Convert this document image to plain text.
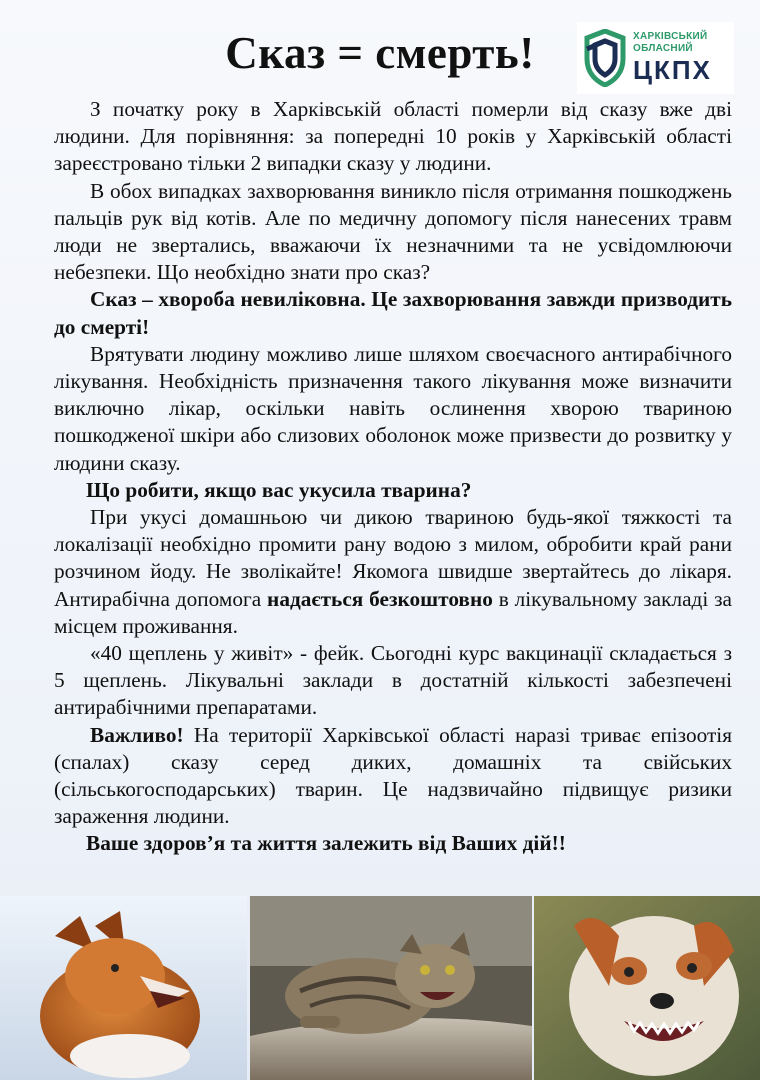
Сказ = смерть!	ХАРКІВСЬКИЙ
ОБЛАСНИЙ
ЦКПХ

З початку року в Харківській області померли від сказу вже дві людини. Для порівняння: за попередні 10 років у Харківській області зареєстровано тільки 2 випадки сказу у людини.

В обох випадках захворювання виникло після отримання пошкоджень пальців рук від котів. Але по медичну допомогу після нанесених травм люди не звертались, вважаючи їх незначними та не усвідомлюючи небезпеки. Що необхідно знати про сказ?

Сказ – хвороба невиліковна. Це захворювання завжди призводить до смерті!

Врятувати людину можливо лише шляхом своєчасного антирабічного лікування. Необхідність призначення такого лікування може визначити виключно лікар, оскільки навіть ослинення хворою твариною пошкодженої шкіри або слизових оболонок може призвести до розвитку у людини сказу.

Що робити, якщо вас укусила тварина?

При укусі домашньою чи дикою твариною будь-якої тяжкості та локалізації необхідно промити рану водою з милом, обробити край рани розчином йоду. Не зволікайте! Якомога швидше звертайтесь до лікаря. Антирабічна допомога надається безкоштовно в лікувальному закладі за місцем проживання.

«40 щеплень у живіт» - фейк. Сьогодні курс вакцинації складається з 5 щеплень. Лікувальні заклади в достатній кількості забезпечені антирабічними препаратами.

Важливо! На території Харківської області наразі триває епізоотія (спалах) сказу серед диких, домашніх та свійських (сільськогосподарських) тварин. Це надзвичайно підвищує ризики зараження людини.

Ваше здоров’я та життя залежить від Ваших дій!!
